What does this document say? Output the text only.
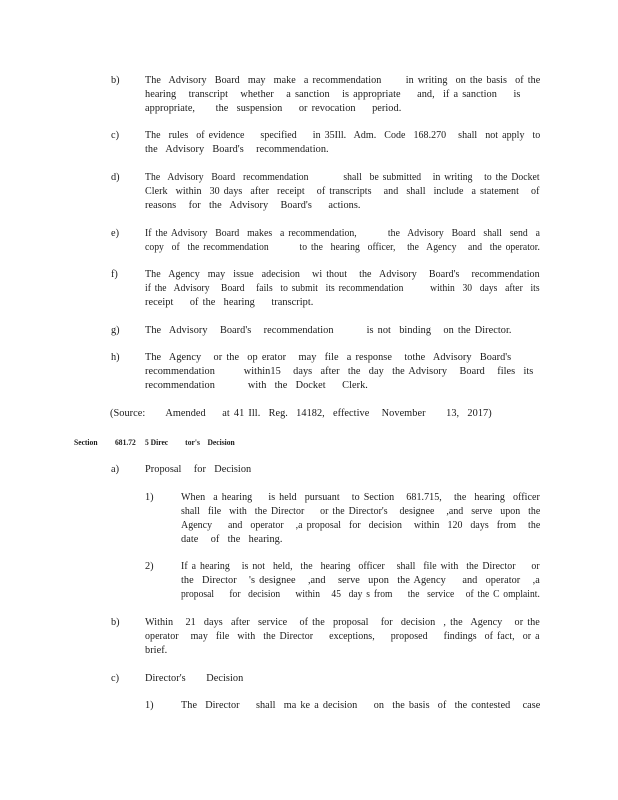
b) The  Advisory  Board  may  make  a recommendation      in writing  on the basis  of the
hearing   transcript   whether   a sanction   is appropriate    and,  if a sanction    is
appropriate,     the  suspension    or revocation    period.
c)	The  rules  of evidence    specified    in 35Ill.  Adm.  Code  168.270   shall  not apply  to
the  Advisory  Board's   recommendation.
d) The  Advisory  Board  recommendation         shall  be submitted   in writing   to the Docket
Clerk  within  30 days  after  receipt   of transcripts   and  shall  include  a statement   of
reasons   for  the  Advisory   Board's    actions.
e)	If the Advisory  Board  makes  a recommendation,        the  Advisory  Board  shall  send  a
copy  of  the recommendation        to the  hearing  officer,   the  Agency   and  the operator.
f)	The  Agency  may  issue  adecision   wi thout   the  Advisory   Board's   recommendation
if the  Advisory   Board   fails  to submit  its recommendation       within  30  days  after  its
receipt    of the  hearing    transcript.
g) The  Advisory   Board's   recommendation        is not  binding   on the Director.
h) The  Agency   or the  op erator   may  file  a response   tothe  Advisory  Board's
recommendation       within15   days  after  the  day  the Advisory   Board   files  its
recommendation        with  the  Docket    Clerk.
(Source:     Amended    at 41 Ill.  Reg.  14182,  effective   November     13,  2017)
Section 681.72 5 Direc         tor's    Decision
a)	Proposal   for  Decision
1)	When  a hearing    is held  pursuant   to Section   681.715,   the  hearing  officer
shall  file  with  the Director    or the Director's   designee   ,and  serve  upon  the
Agency    and  operator   ,a proposal  for  decision   within  120  days  from   the
date   of  the  hearing.
2)	If a hearing   is not  held,  the  hearing  officer   shall  file with  the Director    or
the  Director   's designee   ,and   serve  upon  the Agency    and  operator   ,a
proposal    for  decision    within   45  day s from    the  service   of the C omplaint.
b) Within   21  days  after  service   of the  proposal   for  decision  , the  Agency   or the
operator   may  file  with  the Director    exceptions,    proposed    findings  of fact,  or a
brief.
c)	Director's     Decision
1)	The  Director    shall  ma ke a decision    on  the basis  of  the contested   case
